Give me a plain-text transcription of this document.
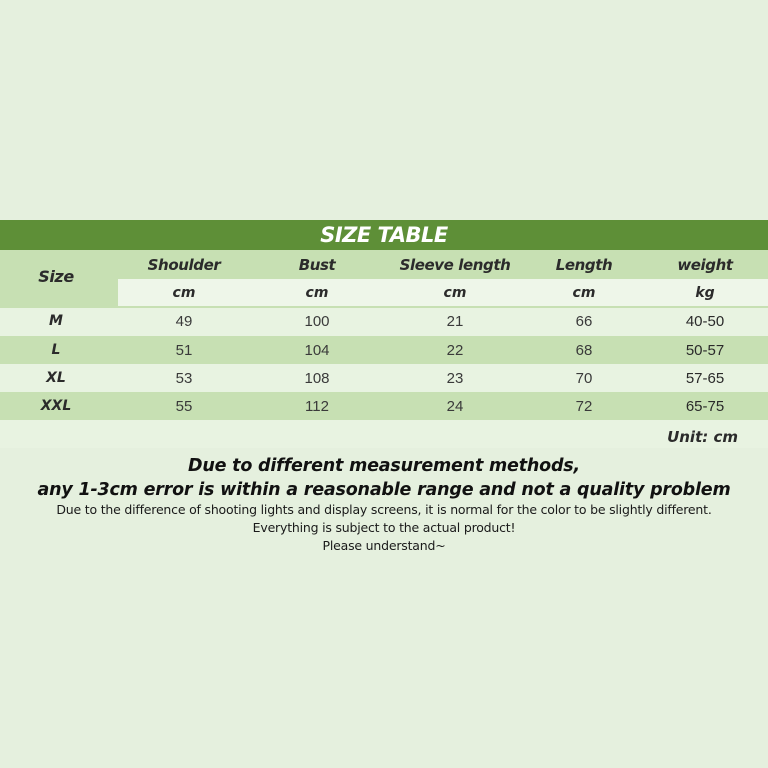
SIZE TABLE
Size
Shoulder	Bust	Sleeve length	Length	weight
cm	cm	cm	cm	kg
M	49	100	21	66	40-50
L	51	104	22	68	50-57
XL	53	108	23	70	57-65
XXL	55	112	24	72	65-75
Unit: cm
Due to different measurement methods,
any 1-3cm error is within a reasonable range and not a quality problem
Due to the difference of shooting lights and display screens, it is normal for the color to be slightly different.
Everything is subject to the actual product!
Please understand~
